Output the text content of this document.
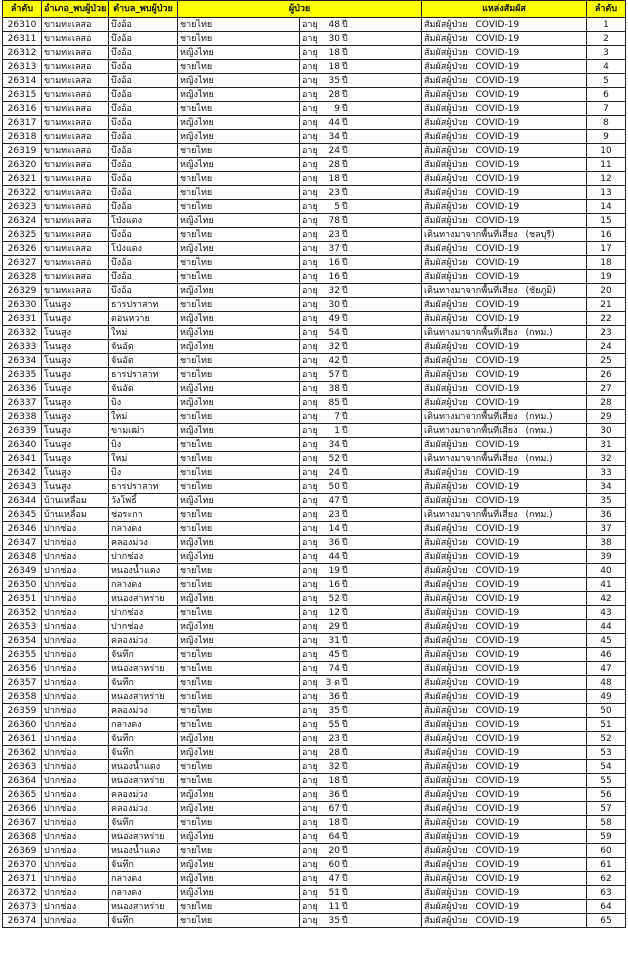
ลำดับ	อำเภอ_พบผู้ป่วย	ตำบล_พบผู้ป่วย	ผู้ป่วย		แหล่งสัมผัส	ลำดับ
26310	ขามทะเลสอ	บึงอ้อ	ชายไทย	อายุ 48 ปี	สัมผัสผู้ป่วย COVID-19	1
26311	ขามทะเลสอ	บึงอ้อ	ชายไทย	อายุ 30 ปี	สัมผัสผู้ป่วย COVID-19	2
26312	ขามทะเลสอ	บึงอ้อ	หญิงไทย	อายุ 18 ปี	สัมผัสผู้ป่วย COVID-19	3
26313	ขามทะเลสอ	บึงอ้อ	ชายไทย	อายุ 18 ปี	สัมผัสผู้ป่วย COVID-19	4
26314	ขามทะเลสอ	บึงอ้อ	หญิงไทย	อายุ 35 ปี	สัมผัสผู้ป่วย COVID-19	5
26315	ขามทะเลสอ	บึงอ้อ	หญิงไทย	อายุ 28 ปี	สัมผัสผู้ป่วย COVID-19	6
26316	ขามทะเลสอ	บึงอ้อ	ชายไทย	อายุ 9 ปี	สัมผัสผู้ป่วย COVID-19	7
26317	ขามทะเลสอ	บึงอ้อ	หญิงไทย	อายุ 44 ปี	สัมผัสผู้ป่วย COVID-19	8
26318	ขามทะเลสอ	บึงอ้อ	หญิงไทย	อายุ 34 ปี	สัมผัสผู้ป่วย COVID-19	9
26319	ขามทะเลสอ	บึงอ้อ	ชายไทย	อายุ 24 ปี	สัมผัสผู้ป่วย COVID-19	10
26320	ขามทะเลสอ	บึงอ้อ	หญิงไทย	อายุ 28 ปี	สัมผัสผู้ป่วย COVID-19	11
26321	ขามทะเลสอ	บึงอ้อ	ชายไทย	อายุ 18 ปี	สัมผัสผู้ป่วย COVID-19	12
26322	ขามทะเลสอ	บึงอ้อ	ชายไทย	อายุ 23 ปี	สัมผัสผู้ป่วย COVID-19	13
26323	ขามทะเลสอ	บึงอ้อ	ชายไทย	อายุ 5 ปี	สัมผัสผู้ป่วย COVID-19	14
26324	ขามทะเลสอ	โป่งแดง	หญิงไทย	อายุ 78 ปี	สัมผัสผู้ป่วย COVID-19	15
26325	ขามทะเลสอ	บึงอ้อ	ชายไทย	อายุ 23 ปี	เดินทางมาจากพื้นที่เสี่ยง (ชลบุรี)	16
26326	ขามทะเลสอ	โป่งแดง	หญิงไทย	อายุ 37 ปี	สัมผัสผู้ป่วย COVID-19	17
26327	ขามทะเลสอ	บึงอ้อ	ชายไทย	อายุ 16 ปี	สัมผัสผู้ป่วย COVID-19	18
26328	ขามทะเลสอ	บึงอ้อ	ชายไทย	อายุ 16 ปี	สัมผัสผู้ป่วย COVID-19	19
26329	ขามทะเลสอ	บึงอ้อ	หญิงไทย	อายุ 32 ปี	เดินทางมาจากพื้นที่เสี่ยง (ชัยภูมิ)	20
26330	โนนสูง	ธารปราสาท	ชายไทย	อายุ 30 ปี	สัมผัสผู้ป่วย COVID-19	21
26331	โนนสูง	ดอนหวาย	หญิงไทย	อายุ 49 ปี	สัมผัสผู้ป่วย COVID-19	22
26332	โนนสูง	ใหม่	หญิงไทย	อายุ 54 ปี	เดินทางมาจากพื้นที่เสี่ยง (กทม.)	23
26333	โนนสูง	จันอัด	หญิงไทย	อายุ 32 ปี	สัมผัสผู้ป่วย COVID-19	24
26334	โนนสูง	จันอัด	ชายไทย	อายุ 42 ปี	สัมผัสผู้ป่วย COVID-19	25
26335	โนนสูง	ธารปราสาท	ชายไทย	อายุ 57 ปี	สัมผัสผู้ป่วย COVID-19	26
26336	โนนสูง	จันอัด	หญิงไทย	อายุ 38 ปี	สัมผัสผู้ป่วย COVID-19	27
26337	โนนสูง	บิง	หญิงไทย	อายุ 85 ปี	สัมผัสผู้ป่วย COVID-19	28
26338	โนนสูง	ใหม่	ชายไทย	อายุ 7 ปี	เดินทางมาจากพื้นที่เสี่ยง (กทม.)	29
26339	โนนสูง	ขามเฒ่า	หญิงไทย	อายุ 1 ปี	เดินทางมาจากพื้นที่เสี่ยง (กทม.)	30
26340	โนนสูง	บิง	ชายไทย	อายุ 34 ปี	สัมผัสผู้ป่วย COVID-19	31
26341	โนนสูง	ใหม่	ชายไทย	อายุ 52 ปี	เดินทางมาจากพื้นที่เสี่ยง (กทม.)	32
26342	โนนสูง	บิง	ชายไทย	อายุ 24 ปี	สัมผัสผู้ป่วย COVID-19	33
26343	โนนสูง	ธารปราสาท	ชายไทย	อายุ 50 ปี	สัมผัสผู้ป่วย COVID-19	34
26344	บ้านเหลื่อม	วังโพธิ์	หญิงไทย	อายุ 47 ปี	สัมผัสผู้ป่วย COVID-19	35
26345	บ้านเหลื่อม	ช่อระกา	ชายไทย	อายุ 23 ปี	เดินทางมาจากพื้นที่เสี่ยง (กทม.)	36
26346	ปากช่อง	กลางดง	ชายไทย	อายุ 14 ปี	สัมผัสผู้ป่วย COVID-19	37
26347	ปากช่อง	คลองม่วง	หญิงไทย	อายุ 36 ปี	สัมผัสผู้ป่วย COVID-19	38
26348	ปากช่อง	ปากช่อง	หญิงไทย	อายุ 44 ปี	สัมผัสผู้ป่วย COVID-19	39
26349	ปากช่อง	หนองน้ำแดง	ชายไทย	อายุ 19 ปี	สัมผัสผู้ป่วย COVID-19	40
26350	ปากช่อง	กลางดง	ชายไทย	อายุ 16 ปี	สัมผัสผู้ป่วย COVID-19	41
26351	ปากช่อง	หนองสาหร่าย	หญิงไทย	อายุ 52 ปี	สัมผัสผู้ป่วย COVID-19	42
26352	ปากช่อง	ปากช่อง	ชายไทย	อายุ 12 ปี	สัมผัสผู้ป่วย COVID-19	43
26353	ปากช่อง	ปากช่อง	หญิงไทย	อายุ 29 ปี	สัมผัสผู้ป่วย COVID-19	44
26354	ปากช่อง	คลองม่วง	หญิงไทย	อายุ 31 ปี	สัมผัสผู้ป่วย COVID-19	45
26355	ปากช่อง	จันทึก	ชายไทย	อายุ 45 ปี	สัมผัสผู้ป่วย COVID-19	46
26356	ปากช่อง	หนองสาหร่าย	ชายไทย	อายุ 74 ปี	สัมผัสผู้ป่วย COVID-19	47
26357	ปากช่อง	จันทึก	ชายไทย	อายุ 3 ด ปี	สัมผัสผู้ป่วย COVID-19	48
26358	ปากช่อง	หนองสาหร่าย	ชายไทย	อายุ 36 ปี	สัมผัสผู้ป่วย COVID-19	49
26359	ปากช่อง	คลองม่วง	ชายไทย	อายุ 35 ปี	สัมผัสผู้ป่วย COVID-19	50
26360	ปากช่อง	กลางดง	ชายไทย	อายุ 55 ปี	สัมผัสผู้ป่วย COVID-19	51
26361	ปากช่อง	จันทึก	หญิงไทย	อายุ 23 ปี	สัมผัสผู้ป่วย COVID-19	52
26362	ปากช่อง	จันทึก	หญิงไทย	อายุ 28 ปี	สัมผัสผู้ป่วย COVID-19	53
26363	ปากช่อง	หนองน้ำแดง	ชายไทย	อายุ 32 ปี	สัมผัสผู้ป่วย COVID-19	54
26364	ปากช่อง	หนองสาหร่าย	ชายไทย	อายุ 18 ปี	สัมผัสผู้ป่วย COVID-19	55
26365	ปากช่อง	คลองม่วง	หญิงไทย	อายุ 36 ปี	สัมผัสผู้ป่วย COVID-19	56
26366	ปากช่อง	คลองม่วง	หญิงไทย	อายุ 67 ปี	สัมผัสผู้ป่วย COVID-19	57
26367	ปากช่อง	จันทึก	ชายไทย	อายุ 18 ปี	สัมผัสผู้ป่วย COVID-19	58
26368	ปากช่อง	หนองสาหร่าย	หญิงไทย	อายุ 64 ปี	สัมผัสผู้ป่วย COVID-19	59
26369	ปากช่อง	หนองน้ำแดง	ชายไทย	อายุ 20 ปี	สัมผัสผู้ป่วย COVID-19	60
26370	ปากช่อง	จันทึก	หญิงไทย	อายุ 60 ปี	สัมผัสผู้ป่วย COVID-19	61
26371	ปากช่อง	กลางดง	หญิงไทย	อายุ 47 ปี	สัมผัสผู้ป่วย COVID-19	62
26372	ปากช่อง	กลางดง	หญิงไทย	อายุ 51 ปี	สัมผัสผู้ป่วย COVID-19	63
26373	ปากช่อง	หนองสาหร่าย	ชายไทย	อายุ 11 ปี	สัมผัสผู้ป่วย COVID-19	64
26374	ปากช่อง	จันทึก	ชายไทย	อายุ 35 ปี	สัมผัสผู้ป่วย COVID-19	65
